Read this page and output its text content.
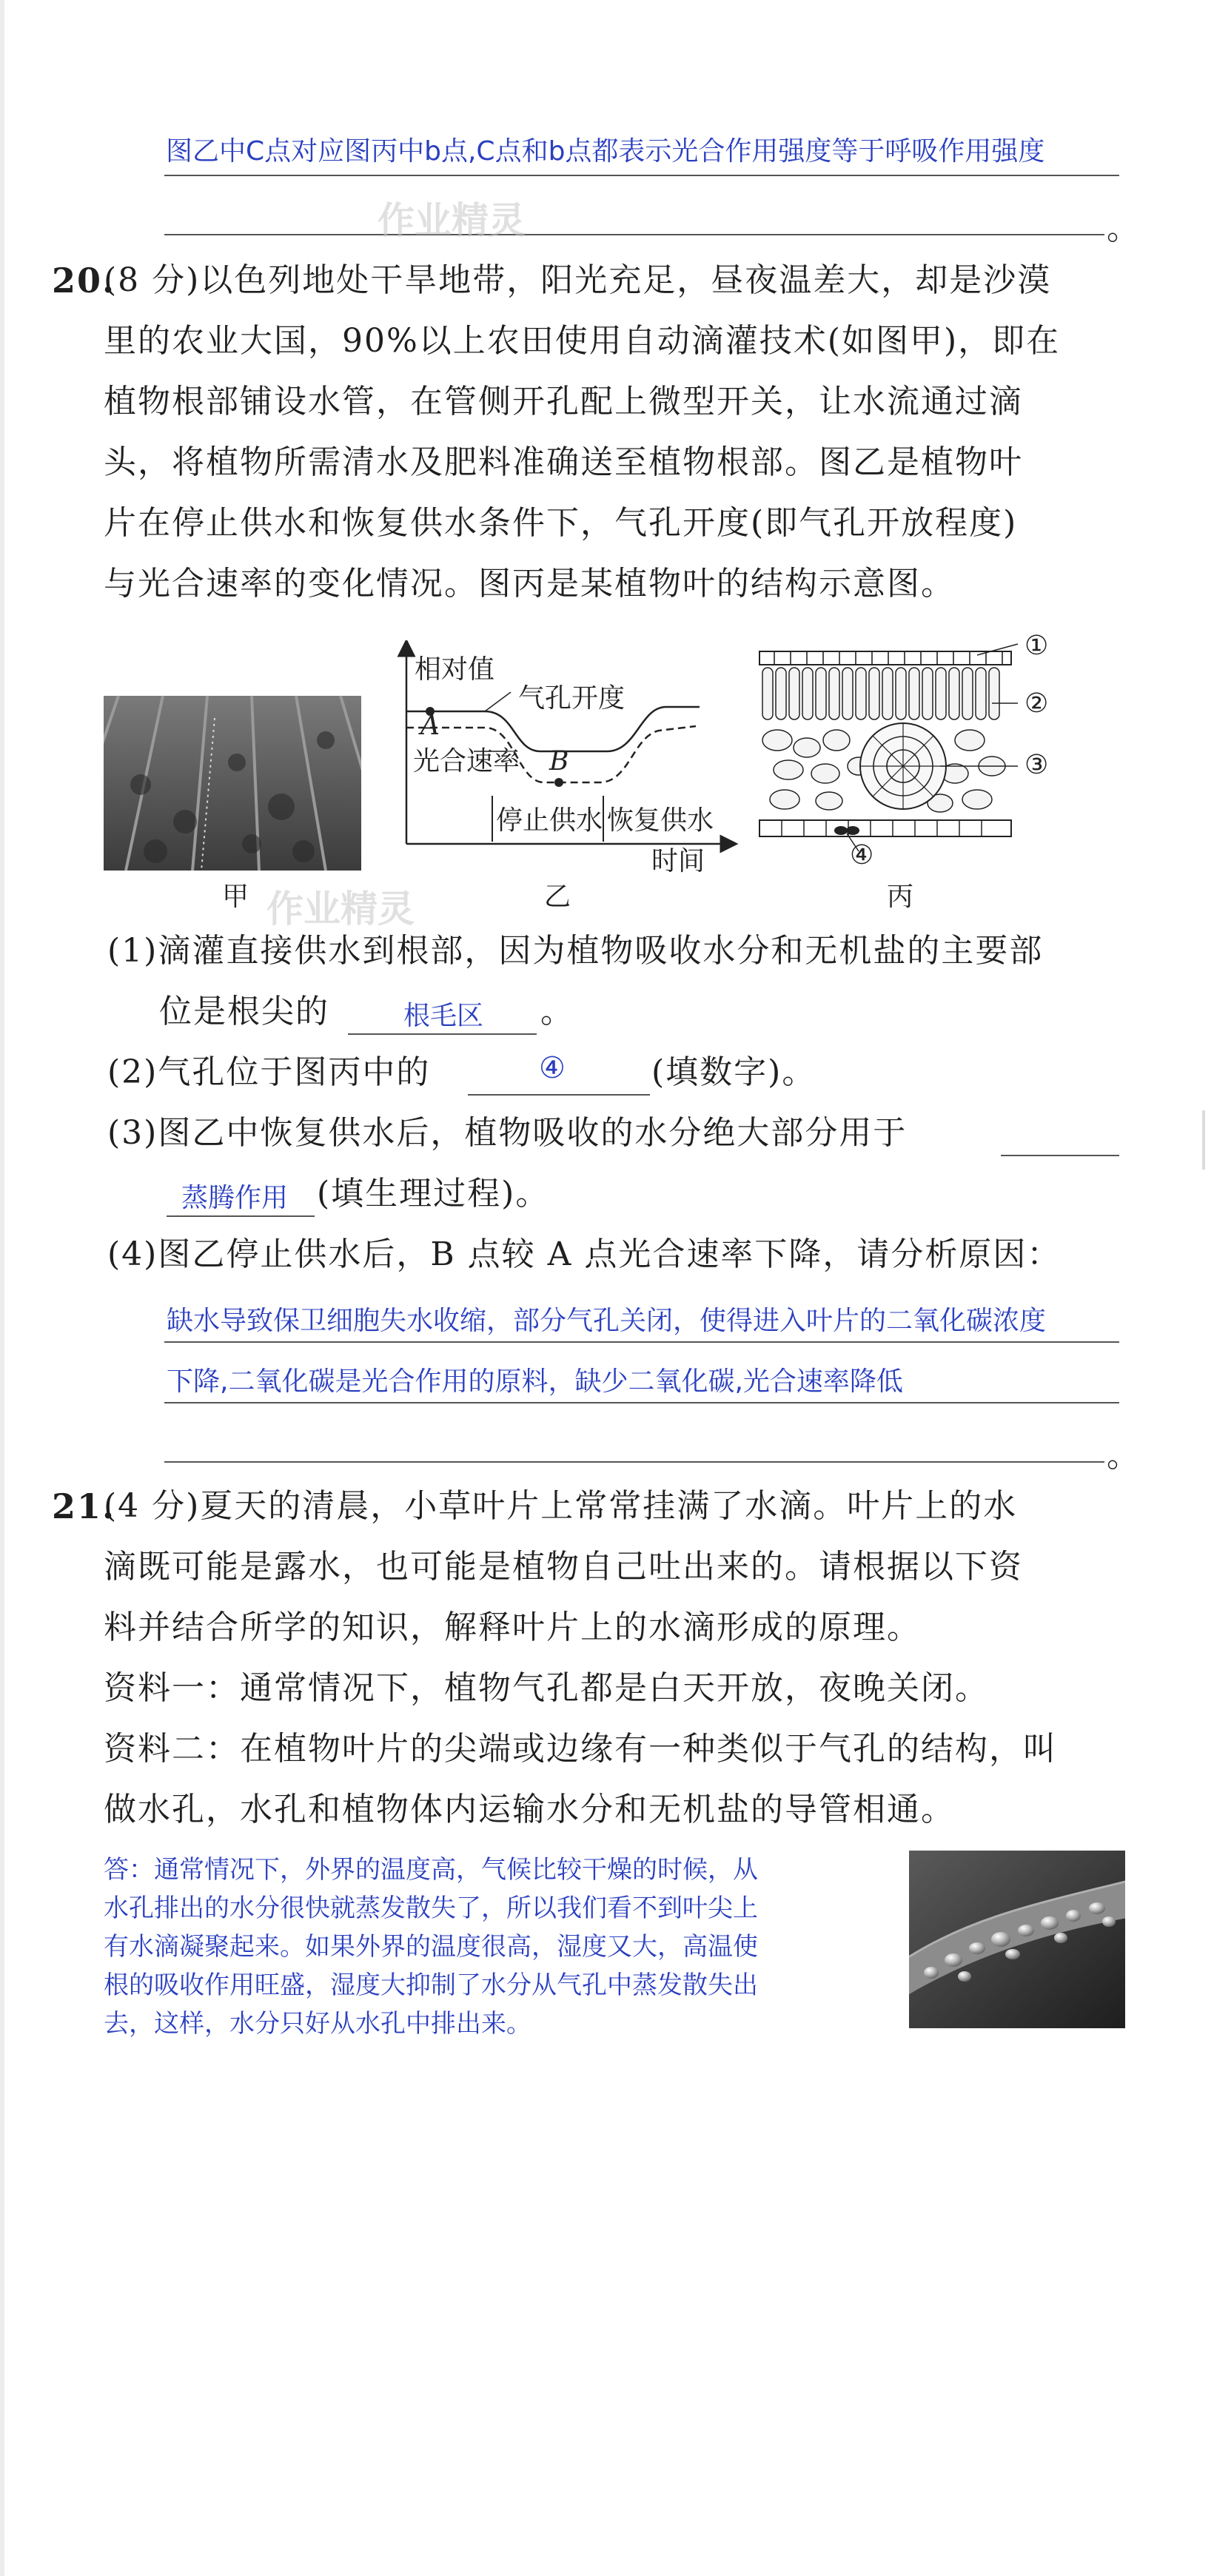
图乙中C点对应图丙中b点,C点和b点都表示光合作用强度等于呼吸作用强度
。
作业精灵
20.
(8 分)以色列地处干旱地带，阳光充足，昼夜温差大，却是沙漠
里的农业大国，90%以上农田使用自动滴灌技术(如图甲)，即在
植物根部铺设水管，在管侧开孔配上微型开关，让水流通过滴
头，将植物所需清水及肥料准确送至植物根部。图乙是植物叶
片在停止供水和恢复供水条件下，气孔开度(即气孔开放程度)
与光合速率的变化情况。图丙是某植物叶的结构示意图。
甲 作业精灵
相对值
气孔开度
A
光合速率 B
停止供水 恢复供水
时间
乙
①
②
③
④
丙
(1)滴灌直接供水到根部，因为植物吸收水分和无机盐的主要部
位是根尖的	根毛区 。
(2)气孔位于图丙中的	④	(填数字)。
(3)图乙中恢复供水后，植物吸收的水分绝大部分用于
蒸腾作用 (填生理过程)。
(4)图乙停止供水后，B 点较 A 点光合速率下降，请分析原因：
缺水导致保卫细胞失水收缩，部分气孔关闭，使得进入叶片的二氧化碳浓度
下降,二氧化碳是光合作用的原料，缺少二氧化碳,光合速率降低
。
21.
(4 分)夏天的清晨，小草叶片上常常挂满了水滴。叶片上的水
滴既可能是露水，也可能是植物自己吐出来的。请根据以下资
料并结合所学的知识，解释叶片上的水滴形成的原理。
资料一：通常情况下，植物气孔都是白天开放，夜晚关闭。
资料二：在植物叶片的尖端或边缘有一种类似于气孔的结构，叫
做水孔，水孔和植物体内运输水分和无机盐的导管相通。
答：通常情况下，外界的温度高，气候比较干燥的时候，从
水孔排出的水分很快就蒸发散失了，所以我们看不到叶尖上
有水滴凝聚起来。如果外界的温度很高，湿度又大，高温使
根的吸收作用旺盛，湿度大抑制了水分从气孔中蒸发散失出
去，这样，水分只好从水孔中排出来。
